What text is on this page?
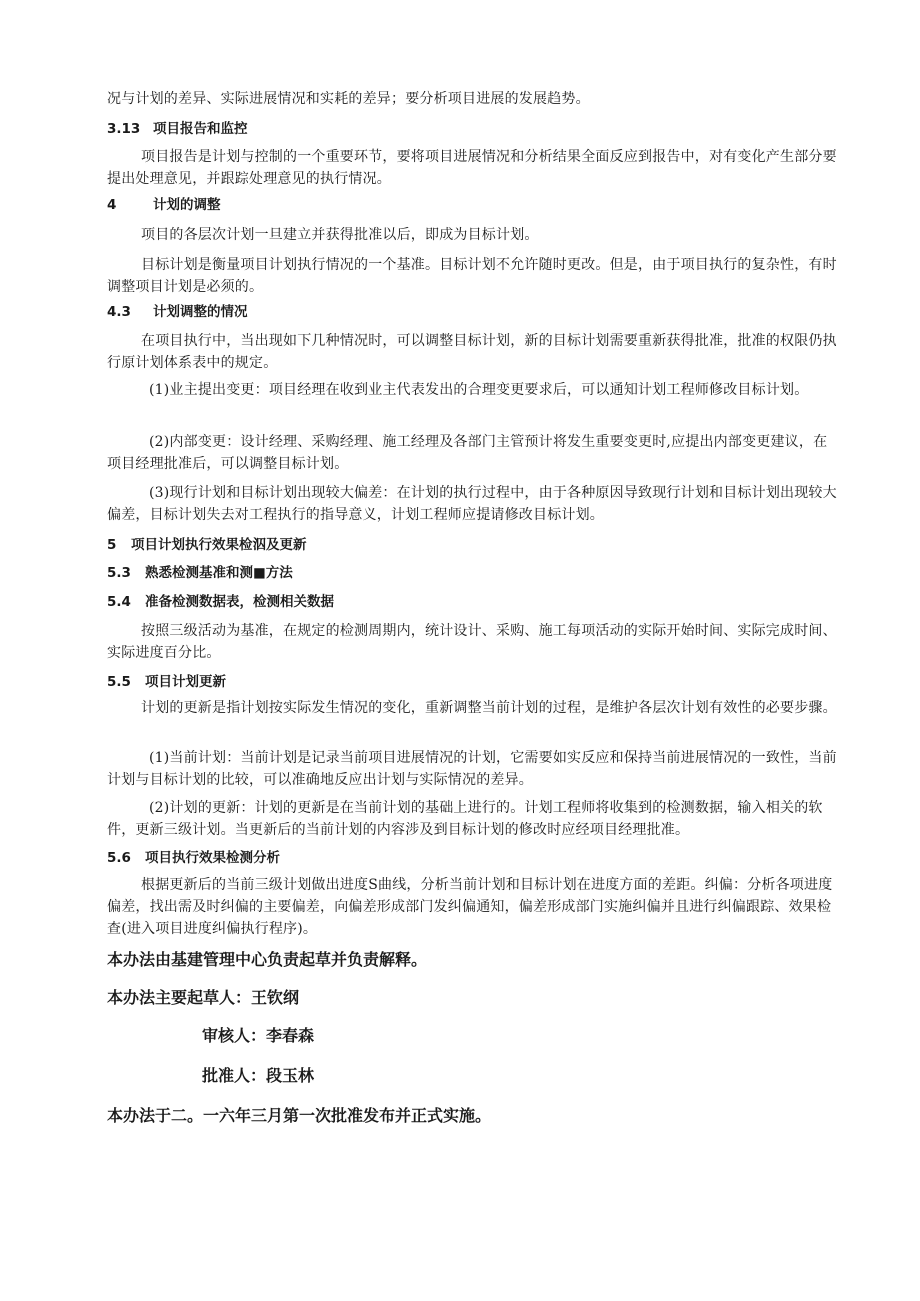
况与计划的差异、实际进展情况和实耗的差异；要分析项目进展的发展趋势。
3.13 项目报告和监控
项目报告是计划与控制的一个重要环节，要将项目进展情况和分析结果全面反应到报告中，对有变化产生部分要提出处理意见，并跟踪处理意见的执行情况。
4	计划的调整
项目的各层次计划一旦建立并获得批准以后，即成为目标计划。
目标计划是衡量项目计划执行情况的一个基准。目标计划不允许随时更改。但是，由于项目执行的复杂性，有时调整项目计划是必须的。
4.3 计划调整的情况
在项目执行中，当出现如下几种情况时，可以调整目标计划，新的目标计划需要重新获得批准，批准的权限仍执行原计划体系表中的规定。
(1)业主提出变更：项目经理在收到业主代表发出的合理变更要求后，可以通知计划工程师修改目标计划。
(2)内部变更：设计经理、采购经理、施工经理及各部门主管预计将发生重要变更时,应提出内部变更建议，在项目经理批准后，可以调整目标计划。
(3)现行计划和目标计划出现较大偏差：在计划的执行过程中，由于各种原因导致现行计划和目标计划出现较大偏差，目标计划失去对工程执行的指导意义，计划工程师应提请修改目标计划。
5 项目计划执行效果检泅及更新
5.3 熟悉检测基准和测■方法
5.4 准备检测数据表，检测相关数据
按照三级活动为基准，在规定的检测周期内，统计设计、采购、施工每项活动的实际开始时间、实际完成时间、实际进度百分比。
5.5 项目计划更新
计划的更新是指计划按实际发生情况的变化，重新调整当前计划的过程，是维护各层次计划有效性的必要步骤。
(1)当前计划：当前计划是记录当前项目进展情况的计划，它需要如实反应和保持当前进展情况的一致性，当前计划与目标计划的比较，可以准确地反应出计划与实际情况的差异。
(2)计划的更新：计划的更新是在当前计划的基础上进行的。计划工程师将收集到的检测数据，输入相关的软件，更新三级计划。当更新后的当前计划的内容涉及到目标计划的修改时应经项目经理批准。
5.6 项目执行效果检测分析
根据更新后的当前三级计划做出进度S曲线，分析当前计划和目标计划在进度方面的差距。纠偏：分析各项进度偏差，找出需及时纠偏的主要偏差，向偏差形成部门发纠偏通知，偏差形成部门实施纠偏并且进行纠偏跟踪、效果检查(进入项目进度纠偏执行程序)。
本办法由基建管理中心负责起草并负责解释。
本办法主要起草人：王钦纲
审核人：李春森
批准人：段玉林
本办法于二。一六年三月第一次批准发布并正式实施。
